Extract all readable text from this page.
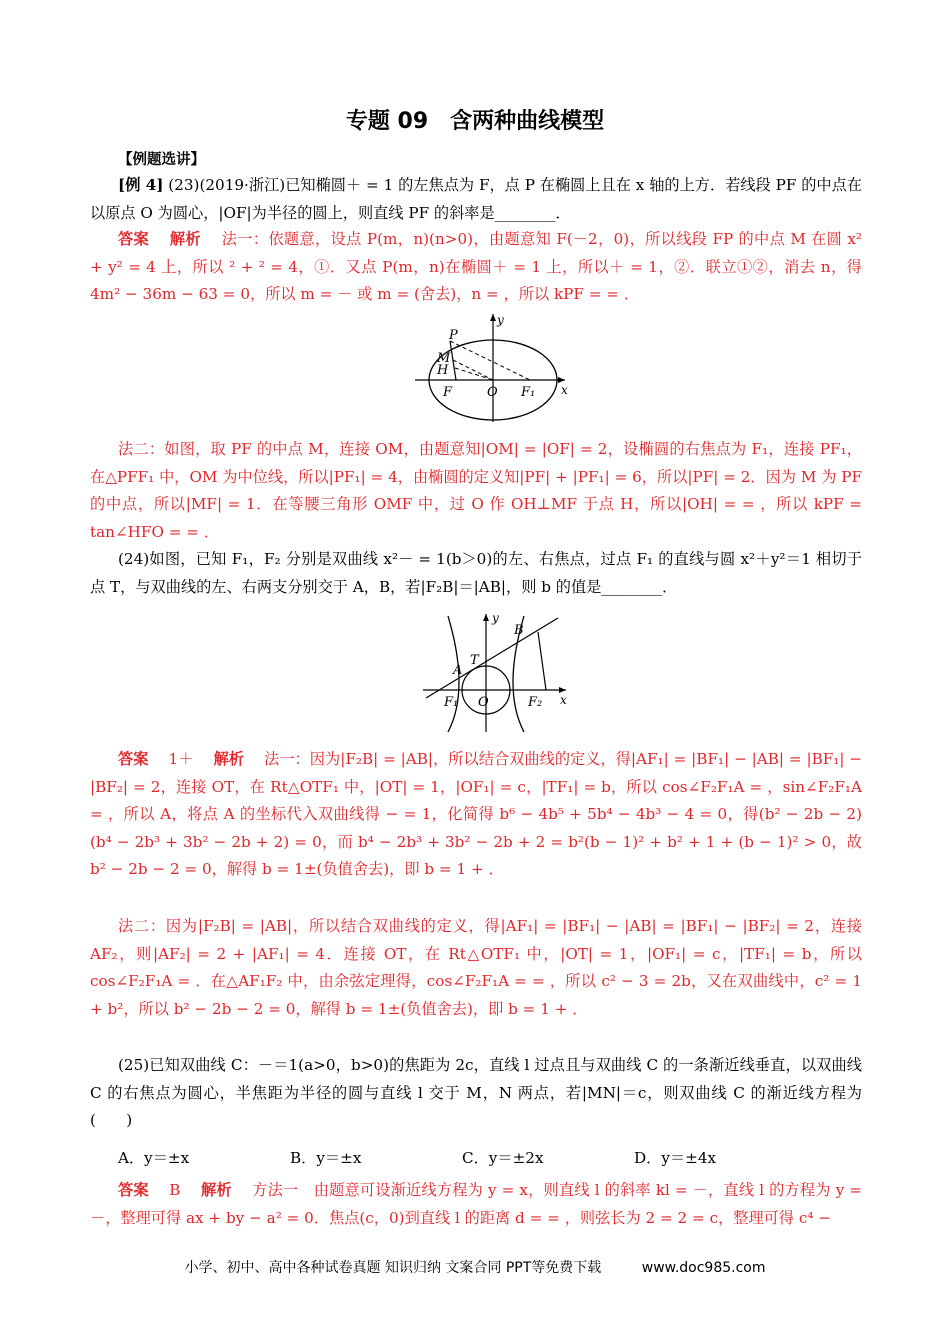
专题 09　含两种曲线模型
【例题选讲】
[例 4] (23)(2019·浙江)已知椭圆＋ = 1 的左焦点为 F，点 P 在椭圆上且在 x 轴的上方．若线段 PF 的中点在以原点 O 为圆心，|OF|为半径的圆上，则直线 PF 的斜率是________．
答案　 解析　 法一：依题意，设点 P(m，n)(n>0)，由题意知 F(－2，0)，所以线段 FP 的中点 M 在圆 x² + y² = 4 上，所以 ² + ² = 4，①．又点 P(m，n)在椭圆＋ = 1 上，所以＋ = 1，②．联立①②，消去 n，得 4m² − 36m − 63 = 0，所以 m = － 或 m = (舍去)，n = ，所以 kPF = = ．
y
x
P
M
H
F	O F₁
法二：如图，取 PF 的中点 M，连接 OM，由题意知|OM| = |OF| = 2，设椭圆的右焦点为 F₁，连接 PF₁，在△PFF₁ 中，OM 为中位线，所以|PF₁| = 4，由椭圆的定义知|PF| + |PF₁| = 6，所以|PF| = 2．因为 M 为 PF 的中点，所以|MF| = 1．在等腰三角形 OMF 中，过 O 作 OH⊥MF 于点 H，所以|OH| = = ，所以 kPF = tan∠HFO = = ．
(24)如图，已知 F₁，F₂ 分别是双曲线 x²－ = 1(b＞0)的左、右焦点，过点 F₁ 的直线与圆 x²＋y²＝1 相切于点 T，与双曲线的左、右两支分别交于 A，B，若|F₂B|＝|AB|，则 b 的值是________．
y
x
B
T
A
F₁ O	F₂
答案　 1＋　 解析　 法一：因为|F₂B| = |AB|，所以结合双曲线的定义，得|AF₁| = |BF₁| − |AB| = |BF₁| − |BF₂| = 2，连接 OT，在 Rt△OTF₁ 中，|OT| = 1，|OF₁| = c，|TF₁| = b，所以 cos∠F₂F₁A = ，sin∠F₂F₁A = ，所以 A，将点 A 的坐标代入双曲线得 − = 1，化简得 b⁶ − 4b⁵ + 5b⁴ − 4b³ − 4 = 0，得(b² − 2b − 2)(b⁴ − 2b³ + 3b² − 2b + 2) = 0，而 b⁴ − 2b³ + 3b² − 2b + 2 = b²(b − 1)² + b² + 1 + (b − 1)² > 0，故 b² − 2b − 2 = 0，解得 b = 1±(负值舍去)，即 b = 1 + ．
法二：因为|F₂B| = |AB|，所以结合双曲线的定义，得|AF₁| = |BF₁| − |AB| = |BF₁| − |BF₂| = 2，连接 AF₂，则|AF₂| = 2 + |AF₁| = 4．连接 OT，在 Rt△OTF₁ 中，|OT| = 1，|OF₁| = c，|TF₁| = b，所以 cos∠F₂F₁A = ．在△AF₁F₂ 中，由余弦定理得，cos∠F₂F₁A = = ，所以 c² − 3 = 2b，又在双曲线中，c² = 1 + b²，所以 b² − 2b − 2 = 0，解得 b = 1±(负值舍去)，即 b = 1 + ．
(25)已知双曲线 C：－＝1(a>0，b>0)的焦距为 2c，直线 l 过点且与双曲线 C 的一条渐近线垂直，以双曲线 C 的右焦点为圆心，半焦距为半径的圆与直线 l 交于 M，N 两点，若|MN|＝c，则双曲线 C 的渐近线方程为(　　)
A．y＝±x	B．y＝±x	C．y＝±2x	D．y＝±4x
答案　 B　 解析　 方法一　由题意可设渐近线方程为 y = x，则直线 l 的斜率 kl = －，直线 l 的方程为 y = －，整理可得 ax + by − a² = 0．焦点(c，0)到直线 l 的距离 d = = ，则弦长为 2 = 2 = c，整理可得 c⁴ −
小学、初中、高中各种试卷真题 知识归纳 文案合同 PPT等免费下载	www.doc985.com
